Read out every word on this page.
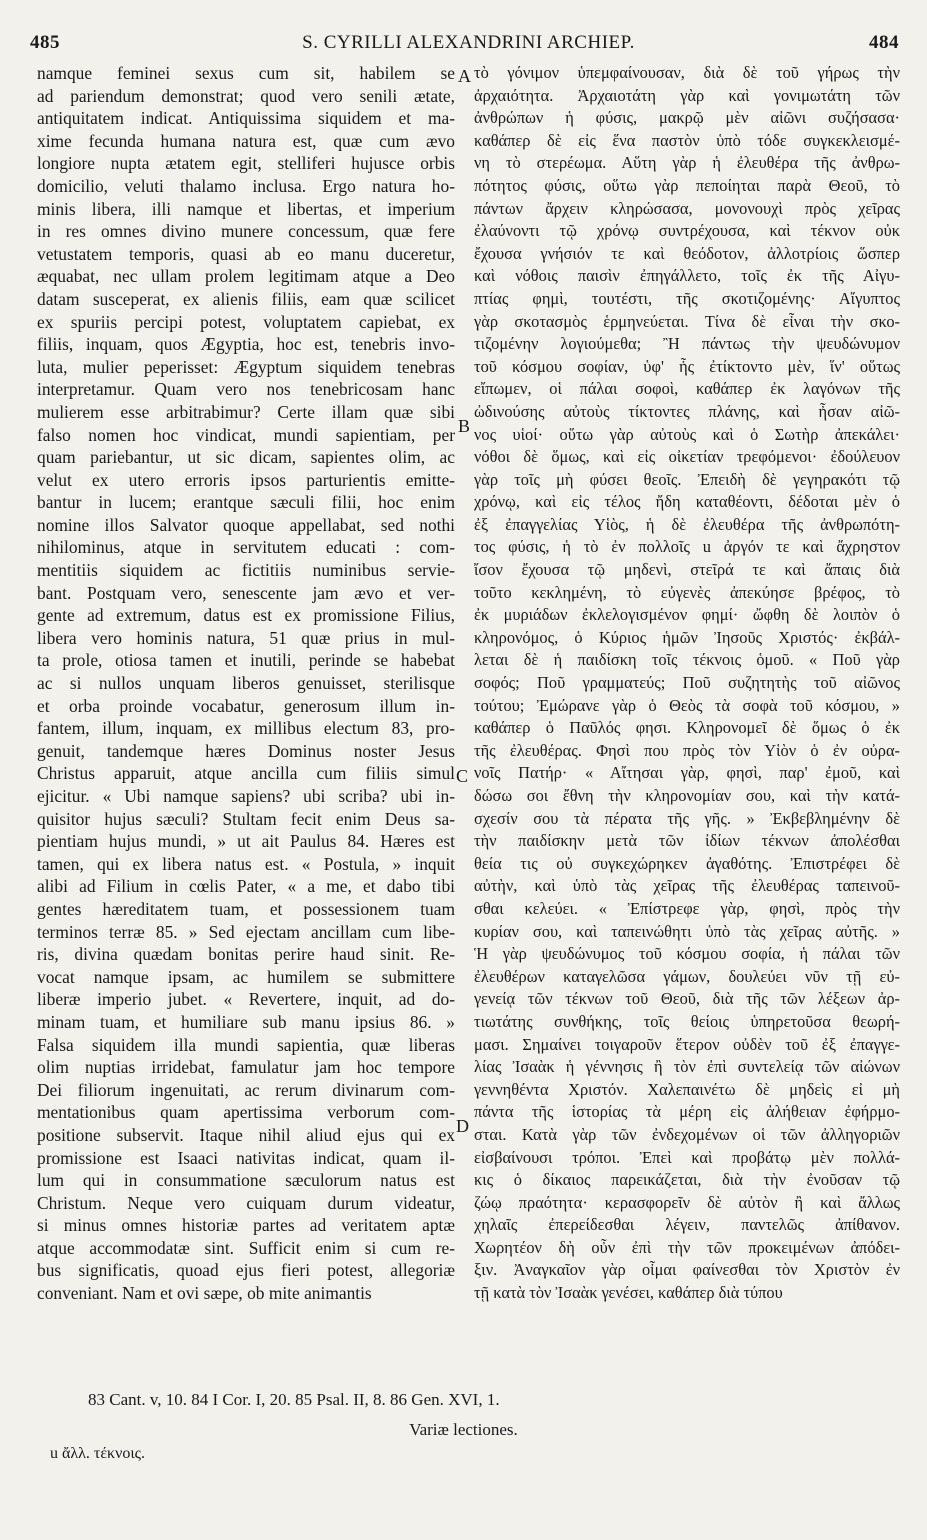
485	S. CYRILLI ALEXANDRINI ARCHIEP.	484
namque feminei sexus cum sit, habilem se
ad pariendum demonstrat; quod vero senili ætate,
antiquitatem indicat. Antiquissima siquidem et ma-
xime fecunda humana natura est, quæ cum ævo
longiore nupta ætatem egit, stelliferi hujusce orbis
domicilio, veluti thalamo inclusa. Ergo natura ho-
minis libera, illi namque et libertas, et imperium
in res omnes divino munere concessum, quæ fere
vetustatem temporis, quasi ab eo manu duceretur,
æquabat, nec ullam prolem legitimam atque a Deo
datam susceperat, ex alienis filiis, eam quæ scilicet
ex spuriis percipi potest, voluptatem capiebat, ex
filiis, inquam, quos Ægyptia, hoc est, tenebris invo-
luta, mulier peperisset: Ægyptum siquidem tenebras
interpretamur. Quam vero nos tenebricosam hanc
mulierem esse arbitrabimur? Certe illam quæ sibi
falso nomen hoc vindicat, mundi sapientiam, per
quam pariebantur, ut sic dicam, sapientes olim, ac
velut ex utero erroris ipsos parturientis emitte-
bantur in lucem; erantque sæculi filii, hoc enim
nomine illos Salvator quoque appellabat, sed nothi
nihilominus, atque in servitutem educati : com-
mentitiis siquidem ac fictitiis numinibus servie-
bant. Postquam vero, senescente jam ævo et ver-
gente ad extremum, datus est ex promissione Filius,
libera vero hominis natura, 51 quæ prius in mul-
ta prole, otiosa tamen et inutili, perinde se habebat
ac si nullos unquam liberos genuisset, sterilisque
et orba proinde vocabatur, generosum illum in-
fantem, illum, inquam, ex millibus electum 83, pro-
genuit, tandemque hæres Dominus noster Jesus
Christus apparuit, atque ancilla cum filiis simul
ejicitur. « Ubi namque sapiens? ubi scriba? ubi in-
quisitor hujus sæculi? Stultam fecit enim Deus sa-
pientiam hujus mundi, » ut ait Paulus 84. Hæres est
tamen, qui ex libera natus est. « Postula, » inquit
alibi ad Filium in cœlis Pater, « a me, et dabo tibi
gentes hæreditatem tuam, et possessionem tuam
terminos terræ 85. » Sed ejectam ancillam cum libe-
ris, divina quædam bonitas perire haud sinit. Re-
vocat namque ipsam, ac humilem se submittere
liberæ imperio jubet. « Revertere, inquit, ad do-
minam tuam, et humiliare sub manu ipsius 86. »
Falsa siquidem illa mundi sapientia, quæ liberas
olim nuptias irridebat, famulatur jam hoc tempore
Dei filiorum ingenuitati, ac rerum divinarum com-
mentationibus quam apertissima verborum com-
positione subservit. Itaque nihil aliud ejus qui ex
promissione est Isaaci nativitas indicat, quam il-
lum qui in consummatione sæculorum natus est
Christum. Neque vero cuiquam durum videatur,
si minus omnes historiæ partes ad veritatem aptæ
atque accommodatæ sint. Sufficit enim si cum re-
bus significatis, quoad ejus fieri potest, allegoriæ
conveniant. Nam et ovi sæpe, ob mite animantis
τὸ γόνιμον ὑπεμφαίνουσαν, διὰ δὲ τοῦ γήρως τὴν
ἀρχαιότητα. Ἀρχαιοτάτη γὰρ καὶ γονιμωτάτη τῶν
ἀνθρώπων ἡ φύσις, μακρῷ μὲν αἰῶνι συζήσασα·
καθάπερ δὲ εἰς ἕνα παστὸν ὑπὸ τόδε συγκεκλεισμέ-
νη τὸ στερέωμα. Αὕτη γὰρ ἡ ἐλευθέρα τῆς ἀνθρω-
πότητος φύσις, οὕτω γὰρ πεποίηται παρὰ Θεοῦ, τὸ
πάντων ἄρχειν κληρώσασα, μονονουχὶ πρὸς χεῖρας
ἐλαύνοντι τῷ χρόνῳ συντρέχουσα, καὶ τέκνον οὐκ
ἔχουσα γνήσιόν τε καὶ θεόδοτον, ἀλλοτρίοις ὥσπερ
καὶ νόθοις παισὶν ἐπηγάλλετο, τοῖς ἐκ τῆς Αἰγυ-
πτίας φημὶ, τουτέστι, τῆς σκοτιζομένης· Αἴγυπτος
γὰρ σκοτασμὸς ἑρμηνεύεται. Τίνα δὲ εἶναι τὴν σκο-
τιζομένην λογιούμεθα; Ἢ πάντως τὴν ψευδώνυμον
τοῦ κόσμου σοφίαν, ὑφ' ἧς ἐτίκτοντο μὲν, ἵν' οὕτως
εἴπωμεν, οἱ πάλαι σοφοὶ, καθάπερ ἐκ λαγόνων τῆς
ὠδινούσης αὐτοὺς τίκτοντες πλάνης, καὶ ἦσαν αἰῶ-
νος υἱοί· οὕτω γὰρ αὐτοὺς καὶ ὁ Σωτὴρ ἀπεκάλει·
νόθοι δὲ ὅμως, καὶ εἰς οἰκετίαν τρεφόμενοι· ἐδούλευον
γὰρ τοῖς μὴ φύσει θεοῖς. Ἐπειδὴ δὲ γεγηρακότι τῷ
χρόνῳ, καὶ εἰς τέλος ἤδη καταθέοντι, δέδοται μὲν ὁ
ἐξ ἐπαγγελίας Υἱὸς, ἡ δὲ ἐλευθέρα τῆς ἀνθρωπότη-
τος φύσις, ἡ τὸ ἐν πολλοῖς u ἀργόν τε καὶ ἄχρηστον
ἴσον ἔχουσα τῷ μηδενὶ, στεῖρά τε καὶ ἄπαις διὰ
τοῦτο κεκλημένη, τὸ εὐγενὲς ἀπεκύησε βρέφος, τὸ
ἐκ μυριάδων ἐκλελογισμένον φημί· ὤφθη δὲ λοιπὸν ὁ
κληρονόμος, ὁ Κύριος ἡμῶν Ἰησοῦς Χριστός· ἐκβάλ-
λεται δὲ ἡ παιδίσκη τοῖς τέκνοις ὁμοῦ. « Ποῦ γὰρ
σοφός; Ποῦ γραμματεύς; Ποῦ συζητητὴς τοῦ αἰῶνος
τούτου; Ἐμώρανε γὰρ ὁ Θεὸς τὰ σοφὰ τοῦ κόσμου, »
καθάπερ ὁ Παῦλός φησι. Κληρονομεῖ δὲ ὅμως ὁ ἐκ
τῆς ἐλευθέρας. Φησὶ που πρὸς τὸν Υἱὸν ὁ ἐν οὐρα-
νοῖς Πατήρ· « Αἴτησαι γὰρ, φησὶ, παρ' ἐμοῦ, καὶ
δώσω σοι ἔθνη τὴν κληρονομίαν σου, καὶ τὴν κατά-
σχεσίν σου τὰ πέρατα τῆς γῆς. » Ἐκβεβλημένην δὲ
τὴν παιδίσκην μετὰ τῶν ἰδίων τέκνων ἀπολέσθαι
θεία τις οὐ συγκεχώρηκεν ἀγαθότης. Ἐπιστρέφει δὲ
αὐτὴν, καὶ ὑπὸ τὰς χεῖρας τῆς ἐλευθέρας ταπεινοῦ-
σθαι κελεύει. « Ἐπίστρεφε γὰρ, φησὶ, πρὸς τὴν
κυρίαν σου, καὶ ταπεινώθητι ὑπὸ τὰς χεῖρας αὐτῆς. »
Ἡ γὰρ ψευδώνυμος τοῦ κόσμου σοφία, ἡ πάλαι τῶν
ἐλευθέρων καταγελῶσα γάμων, δουλεύει νῦν τῇ εὐ-
γενείᾳ τῶν τέκνων τοῦ Θεοῦ, διὰ τῆς τῶν λέξεων ἀρ-
τιωτάτης συνθήκης, τοῖς θείοις ὑπηρετοῦσα θεωρή-
μασι. Σημαίνει τοιγαροῦν ἕτερον οὐδὲν τοῦ ἐξ ἐπαγγε-
λίας Ἰσαὰκ ἡ γέννησις ἢ τὸν ἐπὶ συντελείᾳ τῶν αἰώνων
γεννηθέντα Χριστόν. Χαλεπαινέτω δὲ μηδεὶς εἰ μὴ
πάντα τῆς ἱστορίας τὰ μέρη εἰς ἀλήθειαν ἐφήρμο-
σται. Κατὰ γὰρ τῶν ἐνδεχομένων οἱ τῶν ἀλληγοριῶν
εἰσβαίνουσι τρόποι. Ἐπεὶ καὶ προβάτῳ μὲν πολλά-
κις ὁ δίκαιος παρεικάζεται, διὰ τὴν ἐνοῦσαν τῷ
ζώῳ πραότητα· κερασφορεῖν δὲ αὐτὸν ἢ καὶ ἄλλως
χηλαῖς ἐπερείδεσθαι λέγειν, παντελῶς ἀπίθανον.
Χωρητέον δὴ οὖν ἐπὶ τὴν τῶν προκειμένων ἀπόδει-
ξιν. Ἀναγκαῖον γὰρ οἶμαι φαίνεσθαι τὸν Χριστὸν ἐν
τῇ κατὰ τὸν Ἰσαὰκ γενέσει, καθάπερ διὰ τύπου
A
B
C
D
83 Cant. v, 10. 84 I Cor. I, 20. 85 Psal. II, 8. 86 Gen. XVI, 1.
Variæ lectiones.
u ἄλλ. τέκνοις.
